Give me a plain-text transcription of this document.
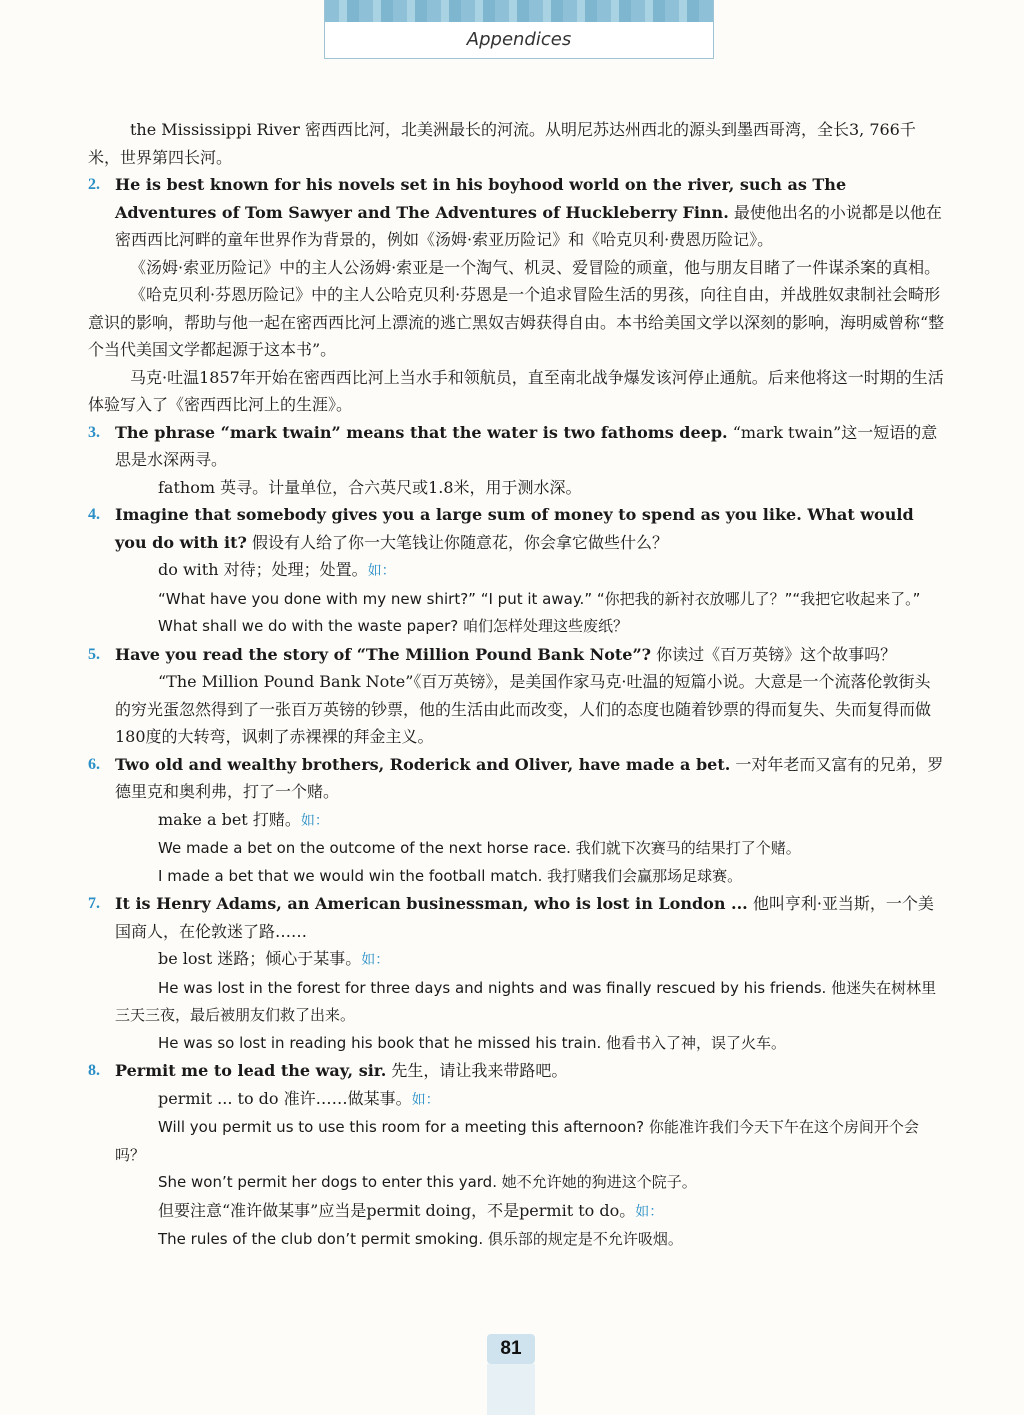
Appendices

the Mississippi River 密西西比河，北美洲最长的河流。从明尼苏达州西北的源头到墨西哥湾，全长3, 766千米，世界第四长河。

2. He is best known for his novels set in his boyhood world on the river, such as The Adventures of Tom Sawyer and The Adventures of Huckleberry Finn. 最使他出名的小说都是以他在密西西比河畔的童年世界作为背景的，例如《汤姆·索亚历险记》和《哈克贝利·费恩历险记》。

《汤姆·索亚历险记》中的主人公汤姆·索亚是一个淘气、机灵、爱冒险的顽童，他与朋友目睹了一件谋杀案的真相。

《哈克贝利·芬恩历险记》中的主人公哈克贝利·芬恩是一个追求冒险生活的男孩，向往自由，并战胜奴隶制社会畸形意识的影响，帮助与他一起在密西西比河上漂流的逃亡黑奴吉姆获得自由。本书给美国文学以深刻的影响，海明威曾称“整个当代美国文学都起源于这本书”。

马克·吐温1857年开始在密西西比河上当水手和领航员，直至南北战争爆发该河停止通航。后来他将这一时期的生活体验写入了《密西西比河上的生涯》。

3. The phrase “mark twain” means that the water is two fathoms deep. “mark twain”这一短语的意思是水深两寻。

fathom 英寻。计量单位，合六英尺或1.8米，用于测水深。

4. Imagine that somebody gives you a large sum of money to spend as you like. What would you do with it? 假设有人给了你一大笔钱让你随意花，你会拿它做些什么？

do with 对待；处理；处置。如：

“What have you done with my new shirt?” “I put it away.” “你把我的新衬衣放哪儿了？”“我把它收起来了。”

What shall we do with the waste paper? 咱们怎样处理这些废纸？

5. Have you read the story of “The Million Pound Bank Note”? 你读过《百万英镑》这个故事吗？

“The Million Pound Bank Note”《百万英镑》，是美国作家马克·吐温的短篇小说。大意是一个流落伦敦街头的穷光蛋忽然得到了一张百万英镑的钞票，他的生活由此而改变，人们的态度也随着钞票的得而复失、失而复得而做180度的大转弯，讽刺了赤裸裸的拜金主义。

6. Two old and wealthy brothers, Roderick and Oliver, have made a bet. 一对年老而又富有的兄弟，罗德里克和奥利弗，打了一个赌。

make a bet 打赌。如：

We made a bet on the outcome of the next horse race. 我们就下次赛马的结果打了个赌。

I made a bet that we would win the football match. 我打赌我们会赢那场足球赛。

7. It is Henry Adams, an American businessman, who is lost in London ... 他叫亨利·亚当斯，一个美国商人，在伦敦迷了路……

be lost 迷路；倾心于某事。如：

He was lost in the forest for three days and nights and was finally rescued by his friends. 他迷失在树林里三天三夜，最后被朋友们救了出来。

He was so lost in reading his book that he missed his train. 他看书入了神，误了火车。

8. Permit me to lead the way, sir. 先生，请让我来带路吧。

permit ... to do 准许……做某事。如：

Will you permit us to use this room for a meeting this afternoon? 你能准许我们今天下午在这个房间开个会吗？

She won’t permit her dogs to enter this yard. 她不允许她的狗进这个院子。

但要注意“准许做某事”应当是permit doing，不是permit to do。如：

The rules of the club don’t permit smoking. 俱乐部的规定是不允许吸烟。

81
